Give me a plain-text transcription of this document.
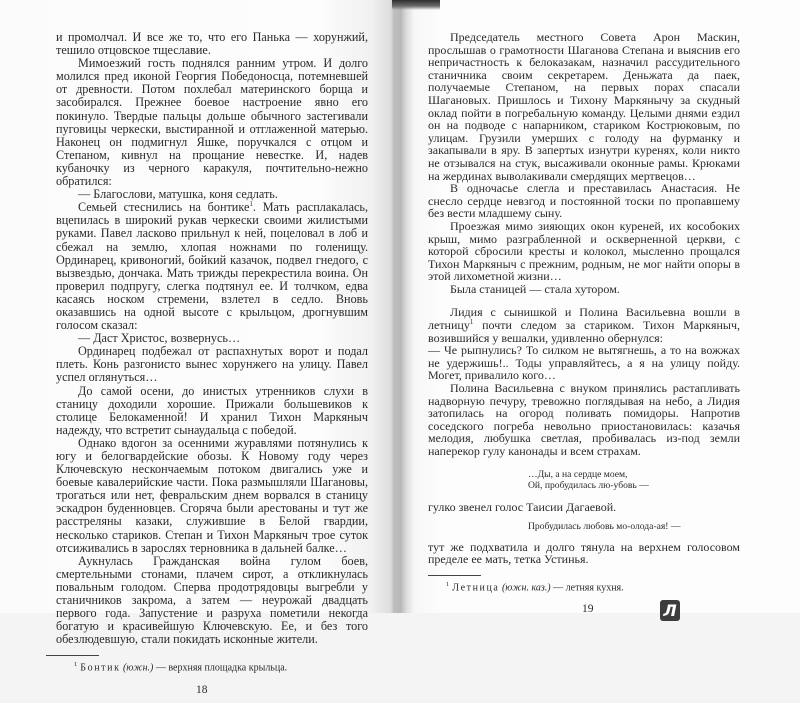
и промолчал. И все же то, что его Панька — хорунжий, тешило отцовское тщеславие.

Мимоезжий гость поднялся ранним утром. И долго молился пред иконой Георгия Победоносца, потемневшей от древности. Потом похлебал материнского борща и засобирался. Прежнее боевое настроение явно его покинуло. Твердые пальцы дольше обычного застегивали пуговицы черкески, выстиранной и отглаженной матерью. Наконец он подмигнул Яшке, поручкался с отцом и Степаном, кивнул на прощание невестке. И, надев кубаночку из черного каракуля, почтительно-нежно обратился:

— Благослови, матушка, коня седлать.

Семьей стеснились на бонтике$^1$. Мать расплакалась, вцепилась в широкий рукав черкески своими жилистыми руками. Павел ласково прильнул к ней, поцеловал в лоб и сбежал на землю, хлопая ножнами по голенищу. Ординарец, кривоногий, бойкий казачок, подвел гнедого, с вызвездью, дончака. Мать трижды перекрестила воина. Он проверил подпругу, слегка подтянул ее. И толчком, едва касаясь носком стремени, взлетел в седло. Вновь оказавшись на одной высоте с крыльцом, дрогнувшим голосом сказал:

— Даст Христос, возвернусь…

Ординарец подбежал от распахнутых ворот и подал плеть. Конь разгонисто вынес хорунжего на улицу. Павел успел оглянуться…

До самой осени, до инистых утренников слухи в станицу доходили хорошие. Прижали большевиков к столице Белокаменной! И хранил Тихон Маркяныч надежду, что встретит сынаудальца с победой.

Однако вдогон за осенними журавлями потянулись к югу и белогвардейские обозы. К Новому году через Ключевскую нескончаемым потоком двигались уже и боевые кавалерийские части. Пока размышляли Шагановы, трогаться или нет, февральским днем ворвался в станицу эскадрон буденновцев. Сгоряча были арестованы и тут же расстреляны казаки, служившие в Белой гвардии, несколько стариков. Степан и Тихон Маркяныч трое суток отсиживались в зарослях терновника в дальней балке…

Аукнулась Гражданская война гулом боев, смертельными стонами, плачем сирот, а откликнулась повальным голодом. Сперва продотрядовцы выгребли у станичников закрома, а затем — неурожай двадцать первого года. Запустение и разруха пометили некогда богатую и красивейшую Ключевскую. Ее, и без того обезлюдевшую, стали покидать исконные жители.

$^1$ Бонтик (южн.) — верхняя площадка крыльца.
18

Председатель местного Совета Арон Маскин, прослышав о грамотности Шаганова Степана и выяснив его непричастность к белоказакам, назначил рассудительного станичника своим секретарем. Деньжата да паек, получаемые Степаном, на первых порах спасали Шагановых. Пришлось и Тихону Маркянычу за скудный оклад пойти в погребальную команду. Целыми днями ездил он на подводе с напарником, стариком Кострюковым, по улицам. Грузили умерших с голоду на фурманку и закапывали в яру. В запертых изнутри куренях, коли никто не отзывался на стук, высаживали оконные рамы. Крюками на жердинах выволакивали смердящих мертвецов…

В одночасье слегла и преставилась Анастасия. Не снесло сердце невзгод и постоянной тоски по пропавшему без вести младшему сыну.

Проезжая мимо зияющих окон куреней, их кособоких крыш, мимо разграбленной и оскверненной церкви, с которой сбросили кресты и колокол, мысленно прощался Тихон Маркяныч с прежним, родным, не мог найти опоры в этой лихометной жизни…

Была станицей — стала хутором.

Лидия с сынишкой и Полина Васильевна вошли в летницу$^1$ почти следом за стариком. Тихон Маркяныч, возившийся у вешалки, удивленно обернулся:

— Че рыпнулись? То силком не вытягнешь, а то на вожжах не удержишь!.. Тоды управляйтесь, а я на улицу пойду. Могет, привалило кого…

Полина Васильевна с внуком принялись растапливать надворную печуру, тревожно поглядывая на небо, а Лидия затопилась на огород поливать помидоры. Напротив соседского погреба невольно приостановилась: казачья мелодия, любушка светлая, пробивалась из-под земли наперекор гулу канонады и всем страхам.

…Ды, а на сердце моем,
Ой, пробудилась лю-убовь —

гулко звенел голос Таисии Дагаевой.

Пробудилась любовь мо-олода-ая! —

тут же подхватила и долго тянула на верхнем голосовом пределе ее мать, тетка Устинья.

$^1$ Летница (южн. каз.) — летняя кухня.
19	Л
